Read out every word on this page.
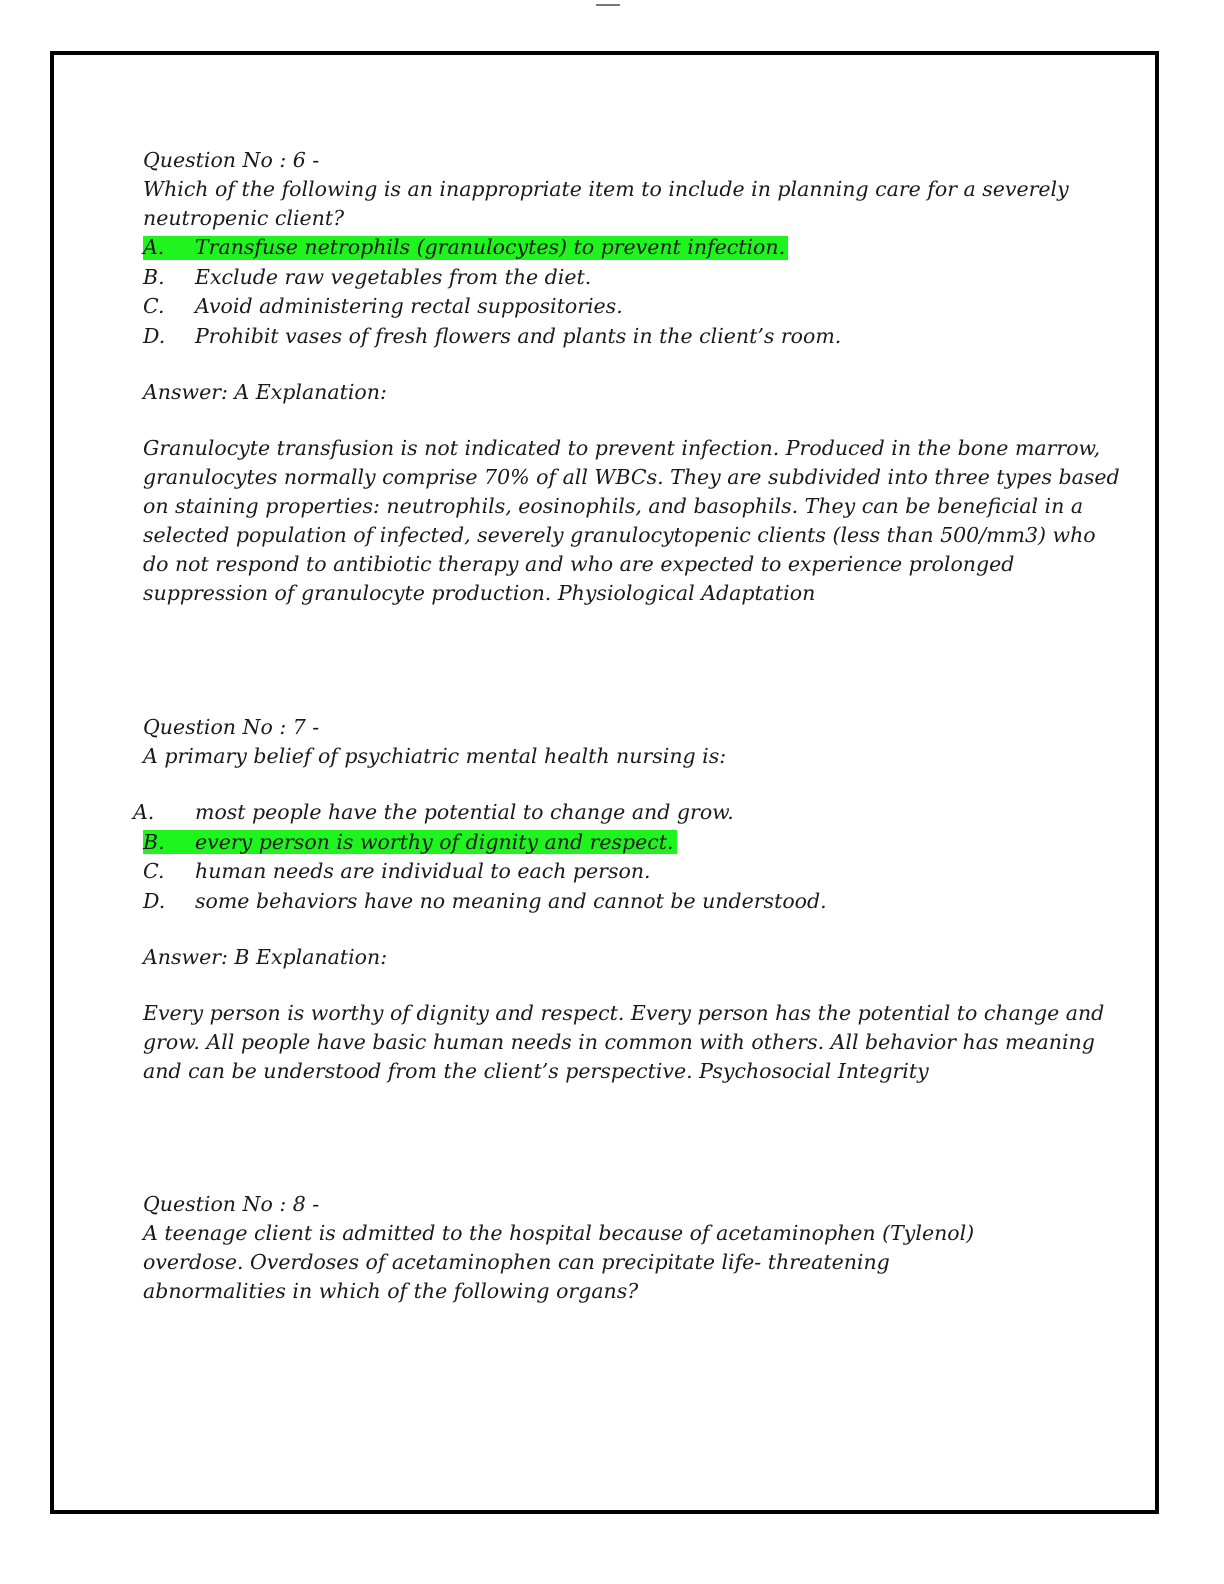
Question No : 6 -
Which of the following is an inappropriate item to include in planning care for a severely
neutropenic client?
A.	Transfuse netrophils (granulocytes) to prevent infection.
B.	Exclude raw vegetables from the diet.
C.	Avoid administering rectal suppositories.
D.	Prohibit vases of fresh flowers and plants in the client’s room.
Answer: A Explanation:
Granulocyte transfusion is not indicated to prevent infection. Produced in the bone marrow,
granulocytes normally comprise 70% of all WBCs. They are subdivided into three types based
on staining properties: neutrophils, eosinophils, and basophils. They can be beneficial in a
selected population of infected, severely granulocytopenic clients (less than 500/mm3) who
do not respond to antibiotic therapy and who are expected to experience prolonged
suppression of granulocyte production. Physiological Adaptation
Question No : 7 -
A primary belief of psychiatric mental health nursing is:
A.	most people have the potential to change and grow.
B.	every person is worthy of dignity and respect.
C.	human needs are individual to each person.
D.	some behaviors have no meaning and cannot be understood.
Answer: B Explanation:
Every person is worthy of dignity and respect. Every person has the potential to change and
grow. All people have basic human needs in common with others. All behavior has meaning
and can be understood from the client’s perspective. Psychosocial Integrity
Question No : 8 -
A teenage client is admitted to the hospital because of acetaminophen (Tylenol)
overdose. Overdoses of acetaminophen can precipitate life- threatening
abnormalities in which of the following organs?
